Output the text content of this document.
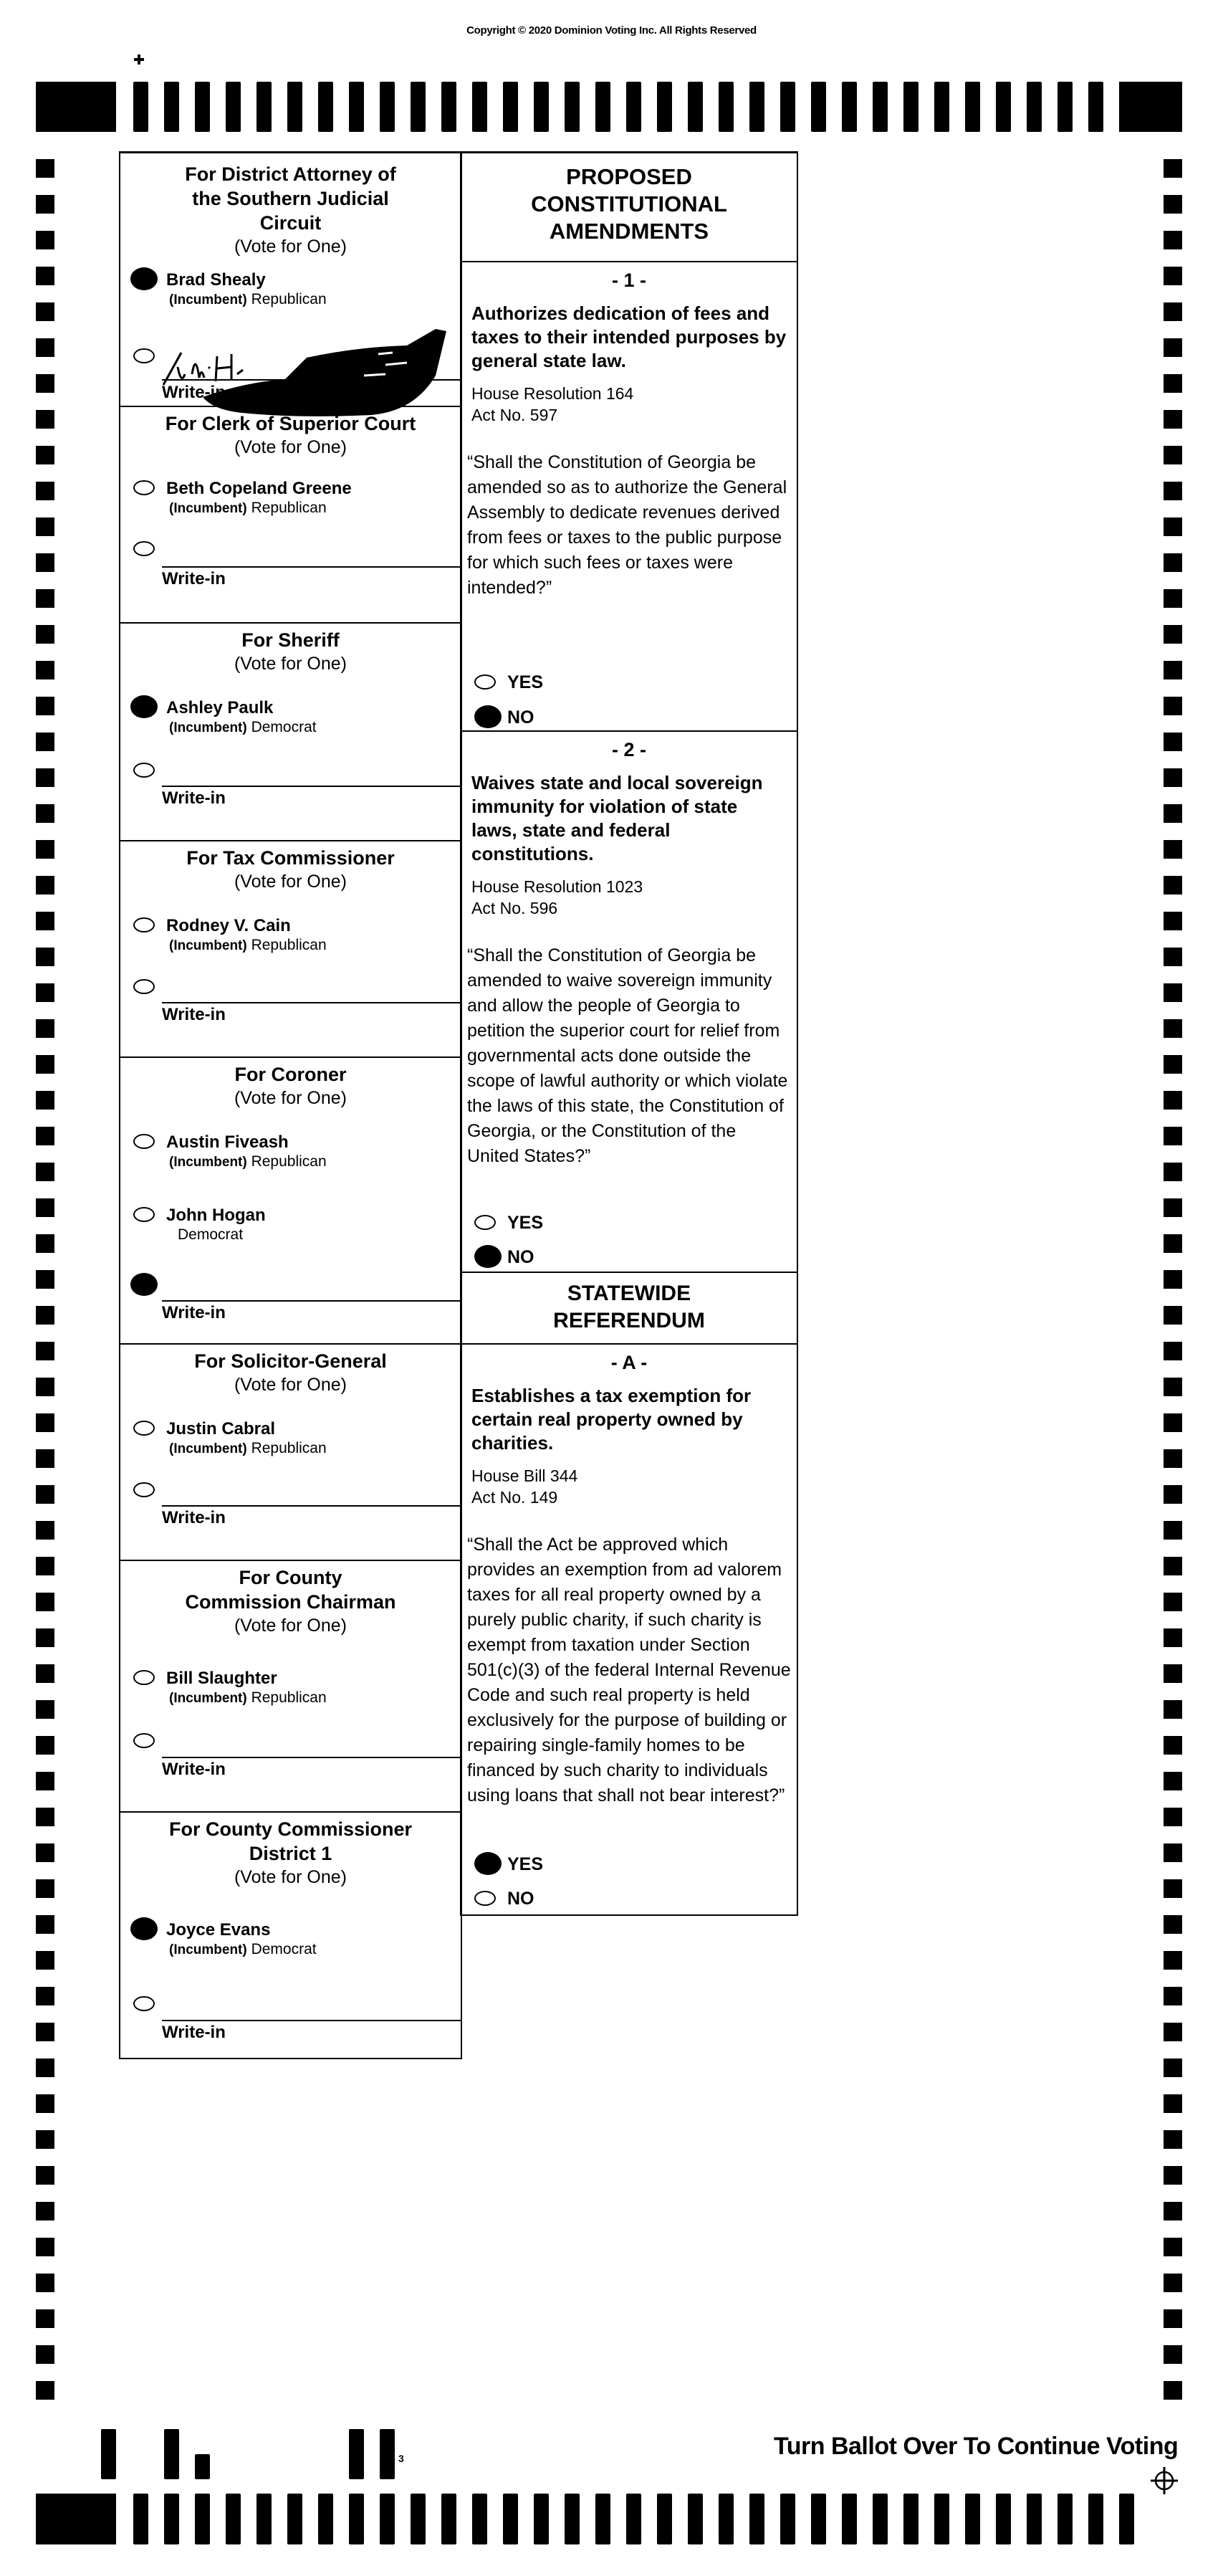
Copyright © 2020 Dominion Voting Inc. All Rights Reserved
For District Attorney of the Southern Judicial Circuit
(Vote for One)
Brad Shealy
(Incumbent) Republican
Write-in
For Clerk of Superior Court
(Vote for One)
Beth Copeland Greene
(Incumbent) Republican
Write-in
For Sheriff
(Vote for One)
Ashley Paulk
(Incumbent) Democrat
Write-in
For Tax Commissioner
(Vote for One)
Rodney V. Cain
(Incumbent) Republican
Write-in
For Coroner
(Vote for One)
Austin Fiveash
(Incumbent) Republican
John Hogan
Democrat
Write-in
For Solicitor-General
(Vote for One)
Justin Cabral
(Incumbent) Republican
Write-in
For County Commission Chairman
(Vote for One)
Bill Slaughter
(Incumbent) Republican
Write-in
For County Commissioner District 1
(Vote for One)
Joyce Evans
(Incumbent) Democrat
Write-in
PROPOSED CONSTITUTIONAL AMENDMENTS
- 1 -
Authorizes dedication of fees and taxes to their intended purposes by general state law.
House Resolution 164
Act No. 597
“Shall the Constitution of Georgia be amended so as to authorize the General Assembly to dedicate revenues derived from fees or taxes to the public purpose for which such fees or taxes were intended?”
YES
NO
- 2 -
Waives state and local sovereign immunity for violation of state laws, state and federal constitutions.
House Resolution 1023
Act No. 596
“Shall the Constitution of Georgia be amended to waive sovereign immunity and allow the people of Georgia to petition the superior court for relief from governmental acts done outside the scope of lawful authority or which violate the laws of this state, the Constitution of Georgia, or the Constitution of the United States?”
YES
NO
STATEWIDE REFERENDUM
- A -
Establishes a tax exemption for certain real property owned by charities.
House Bill 344
Act No. 149
“Shall the Act be approved which provides an exemption from ad valorem taxes for all real property owned by a purely public charity, if such charity is exempt from taxation under Section 501(c)(3) of the federal Internal Revenue Code and such real property is held exclusively for the purpose of building or repairing single-family homes to be financed by such charity to individuals using loans that shall not bear interest?”
YES
NO
Turn Ballot Over To Continue Voting
3
